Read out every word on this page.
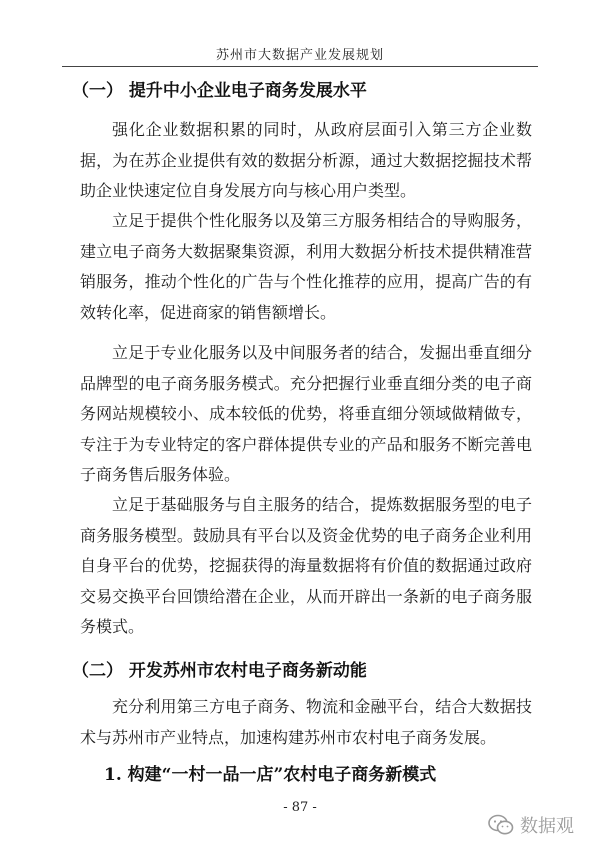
苏州市大数据产业发展规划
（一） 提升中小企业电子商务发展水平

强化企业数据积累的同时，从政府层面引入第三方企业数据，为在苏企业提供有效的数据分析源，通过大数据挖掘技术帮助企业快速定位自身发展方向与核心用户类型。

立足于提供个性化服务以及第三方服务相结合的导购服务，建立电子商务大数据聚集资源，利用大数据分析技术提供精准营销服务，推动个性化的广告与个性化推荐的应用，提高广告的有效转化率，促进商家的销售额增长。

立足于专业化服务以及中间服务者的结合，发掘出垂直细分品牌型的电子商务服务模式。充分把握行业垂直细分类的电子商务网站规模较小、成本较低的优势，将垂直细分领域做精做专，专注于为专业特定的客户群体提供专业的产品和服务不断完善电子商务售后服务体验。

立足于基础服务与自主服务的结合，提炼数据服务型的电子商务服务模型。鼓励具有平台以及资金优势的电子商务企业利用自身平台的优势，挖掘获得的海量数据将有价值的数据通过政府交易交换平台回馈给潜在企业，从而开辟出一条新的电子商务服务模式。

（二） 开发苏州市农村电子商务新动能

充分利用第三方电子商务、物流和金融平台，结合大数据技术与苏州市产业特点，加速构建苏州市农村电子商务发展。

1. 构建“一村一品一店”农村电子商务新模式
- 87 -
数据观
